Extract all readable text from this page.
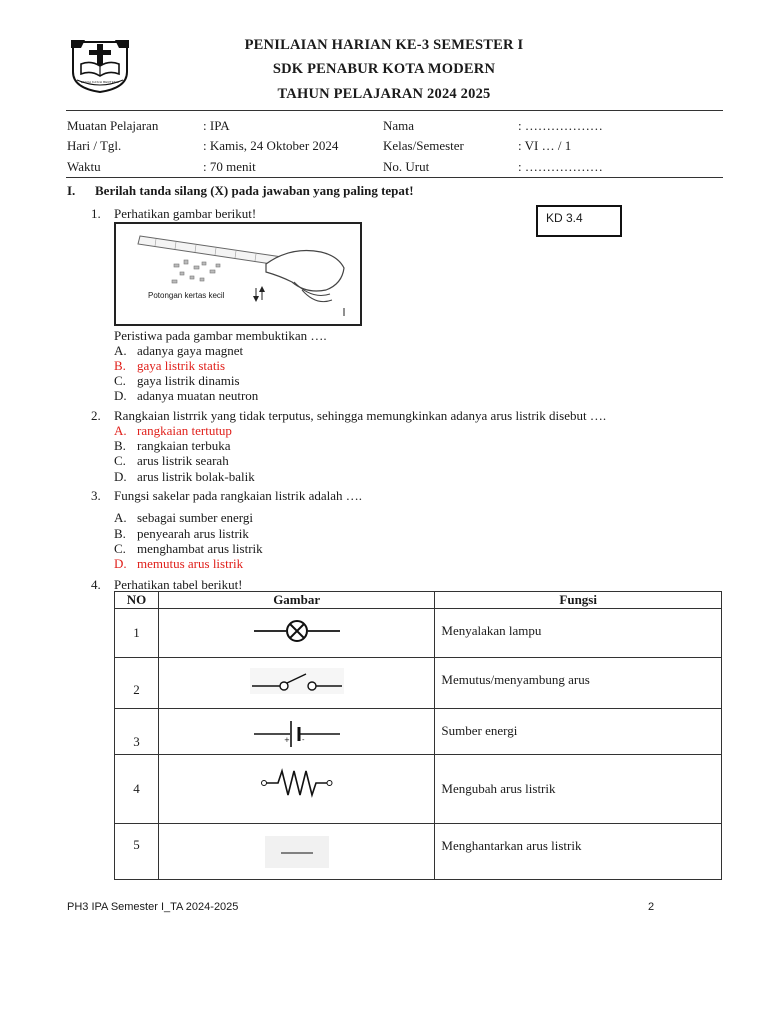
BENIH KASIH BERTEMU
PENILAIAN HARIAN KE-3 SEMESTER I
SDK PENABUR KOTA MODERN
TAHUN PELAJARAN 2024 2025
Muatan Pelajaran	: IPA	Nama	: ………………
Hari / Tgl.	: Kamis, 24 Oktober 2024	Kelas/Semester	: VI … / 1
Waktu	: 70 menit	No. Urut	: ………………
I. Berilah tanda silang (X) pada jawaban yang paling tepat!
KD 3.4
1. Perhatikan gambar berikut!
Potongan kertas kecil
Peristiwa pada gambar membuktikan ….
A. adanya gaya magnet
B. gaya listrik statis
C. gaya listrik dinamis
D. adanya muatan neutron
2. Rangkaian listrrik yang tidak terputus, sehingga memungkinkan adanya arus listrik disebut ….
A. rangkaian tertutup
B. rangkaian terbuka
C. arus listrik searah
D. arus listrik bolak-balik
3. Fungsi sakelar pada rangkaian listrik adalah ….
A. sebagai sumber energi
B. penyearah arus listrik
C. menghambat arus listrik
D. memutus arus listrik
4. Perhatikan tabel berikut!
NO	Gambar	Fungsi
1		Menyalakan lampu
2		Memutus/menyambung arus
3	+ -	Sumber energi
4		Mengubah arus listrik
5		Menghantarkan arus listrik
PH3 IPA Semester I_TA 2024-2025	2
